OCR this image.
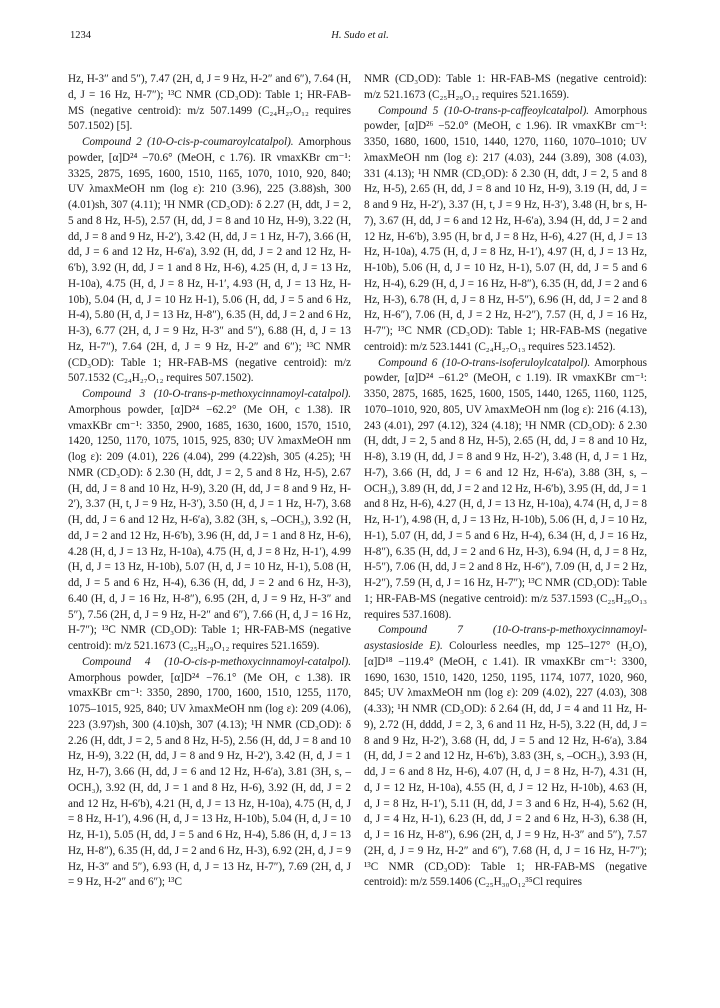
1234	H. Sudo et al.

Hz, H-3″ and 5″), 7.47 (2H, d, J = 9 Hz, H-2″ and 6″), 7.64 (H, d, J = 16 Hz, H-7″); ¹³C NMR (CD₃OD): Table 1; HR-FAB-MS (negative centroid): m/z 507.1499 (C₂₄H₂₇O₁₂ requires 507.1502) [5].

Compound 2 (10-O-cis-p-coumaroylcatalpol). Amorphous powder, [α]D²⁴ −70.6° (MeOH, c 1.76). IR νmaxKBr cm⁻¹: 3325, 2875, 1695, 1600, 1510, 1165, 1070, 1010, 920, 840; UV λmaxMeOH nm (log ε): 210 (3.96), 225 (3.88)sh, 300 (4.01)sh, 307 (4.11); ¹H NMR (CD₃OD): δ 2.27 (H, ddt, J = 2, 5 and 8 Hz, H-5), 2.57 (H, dd, J = 8 and 10 Hz, H-9), 3.22 (H, dd, J = 8 and 9 Hz, H-2′), 3.42 (H, dd, J = 1 Hz, H-7), 3.66 (H, dd, J = 6 and 12 Hz, H-6′a), 3.92 (H, dd, J = 2 and 12 Hz, H-6′b), 3.92 (H, dd, J = 1 and 8 Hz, H-6), 4.25 (H, d, J = 13 Hz, H-10a), 4.75 (H, d, J = 8 Hz, H-1′, 4.93 (H, d, J = 13 Hz, H-10b), 5.04 (H, d, J = 10 Hz H-1), 5.06 (H, dd, J = 5 and 6 Hz, H-4), 5.80 (H, d, J = 13 Hz, H-8″), 6.35 (H, dd, J = 2 and 6 Hz, H-3), 6.77 (2H, d, J = 9 Hz, H-3″ and 5″), 6.88 (H, d, J = 13 Hz, H-7″), 7.64 (2H, d, J = 9 Hz, H-2″ and 6″); ¹³C NMR (CD₃OD): Table 1; HR-FAB-MS (negative centroid): m/z 507.1532 (C₂₄H₂₇O₁₂ requires 507.1502).

Compound 3 (10-O-trans-p-methoxycinnamoyl-catalpol). Amorphous powder, [α]D²⁴ −62.2° (Me OH, c 1.38). IR νmaxKBr cm⁻¹: 3350, 2900, 1685, 1630, 1600, 1570, 1510, 1420, 1250, 1170, 1075, 1015, 925, 830; UV λmaxMeOH nm (log ε): 209 (4.01), 226 (4.04), 299 (4.22)sh, 305 (4.25); ¹H NMR (CD₃OD): δ 2.30 (H, ddt, J = 2, 5 and 8 Hz, H-5), 2.67 (H, dd, J = 8 and 10 Hz, H-9), 3.20 (H, dd, J = 8 and 9 Hz, H-2′), 3.37 (H, t, J = 9 Hz, H-3′), 3.50 (H, d, J = 1 Hz, H-7), 3.68 (H, dd, J = 6 and 12 Hz, H-6′a), 3.82 (3H, s, –OCH₃), 3.92 (H, dd, J = 2 and 12 Hz, H-6′b), 3.96 (H, dd, J = 1 and 8 Hz, H-6), 4.28 (H, d, J = 13 Hz, H-10a), 4.75 (H, d, J = 8 Hz, H-1′), 4.99 (H, d, J = 13 Hz, H-10b), 5.07 (H, d, J = 10 Hz, H-1), 5.08 (H, dd, J = 5 and 6 Hz, H-4), 6.36 (H, dd, J = 2 and 6 Hz, H-3), 6.40 (H, d, J = 16 Hz, H-8″), 6.95 (2H, d, J = 9 Hz, H-3″ and 5″), 7.56 (2H, d, J = 9 Hz, H-2″ and 6″), 7.66 (H, d, J = 16 Hz, H-7″); ¹³C NMR (CD₃OD): Table 1; HR-FAB-MS (negative centroid): m/z 521.1673 (C₂₅H₂₉O₁₂ requires 521.1659).

Compound 4 (10-O-cis-p-methoxycinnamoyl-catalpol). Amorphous powder, [α]D²⁴ −76.1° (Me OH, c 1.38). IR νmaxKBr cm⁻¹: 3350, 2890, 1700, 1600, 1510, 1255, 1170, 1075–1015, 925, 840; UV λmaxMeOH nm (log ε): 209 (4.06), 223 (3.97)sh, 300 (4.10)sh, 307 (4.13); ¹H NMR (CD₃OD): δ 2.26 (H, ddt, J = 2, 5 and 8 Hz, H-5), 2.56 (H, dd, J = 8 and 10 Hz, H-9), 3.22 (H, dd, J = 8 and 9 Hz, H-2′), 3.42 (H, d, J = 1 Hz, H-7), 3.66 (H, dd, J = 6 and 12 Hz, H-6′a), 3.81 (3H, s, –OCH₃), 3.92 (H, dd, J = 1 and 8 Hz, H-6), 3.92 (H, dd, J = 2 and 12 Hz, H-6′b), 4.21 (H, d, J = 13 Hz, H-10a), 4.75 (H, d, J = 8 Hz, H-1′), 4.96 (H, d, J = 13 Hz, H-10b), 5.04 (H, d, J = 10 Hz, H-1), 5.05 (H, dd, J = 5 and 6 Hz, H-4), 5.86 (H, d, J = 13 Hz, H-8″), 6.35 (H, dd, J = 2 and 6 Hz, H-3), 6.92 (2H, d, J = 9 Hz, H-3″ and 5″), 6.93 (H, d, J = 13 Hz, H-7″), 7.69 (2H, d, J = 9 Hz, H-2″ and 6″); ¹³C

NMR (CD₃OD): Table 1: HR-FAB-MS (negative centroid): m/z 521.1673 (C₂₅H₂₉O₁₂ requires 521.1659).

Compound 5 (10-O-trans-p-caffeoylcatalpol). Amorphous powder, [α]D²⁶ −52.0° (MeOH, c 1.96). IR νmaxKBr cm⁻¹: 3350, 1680, 1600, 1510, 1440, 1270, 1160, 1070–1010; UV λmaxMeOH nm (log ε): 217 (4.03), 244 (3.89), 308 (4.03), 331 (4.13); ¹H NMR (CD₃OD): δ 2.30 (H, ddt, J = 2, 5 and 8 Hz, H-5), 2.65 (H, dd, J = 8 and 10 Hz, H-9), 3.19 (H, dd, J = 8 and 9 Hz, H-2′), 3.37 (H, t, J = 9 Hz, H-3′), 3.48 (H, br s, H-7), 3.67 (H, dd, J = 6 and 12 Hz, H-6′a), 3.94 (H, dd, J = 2 and 12 Hz, H-6′b), 3.95 (H, br d, J = 8 Hz, H-6), 4.27 (H, d, J = 13 Hz, H-10a), 4.75 (H, d, J = 8 Hz, H-1′), 4.97 (H, d, J = 13 Hz, H-10b), 5.06 (H, d, J = 10 Hz, H-1), 5.07 (H, dd, J = 5 and 6 Hz, H-4), 6.29 (H, d, J = 16 Hz, H-8″), 6.35 (H, dd, J = 2 and 6 Hz, H-3), 6.78 (H, d, J = 8 Hz, H-5″), 6.96 (H, dd, J = 2 and 8 Hz, H-6″), 7.06 (H, d, J = 2 Hz, H-2″), 7.57 (H, d, J = 16 Hz, H-7″); ¹³C NMR (CD₃OD): Table 1; HR-FAB-MS (negative centroid): m/z 523.1441 (C₂₄H₂₇O₁₃ requires 523.1452).

Compound 6 (10-O-trans-isoferuloylcatalpol). Amorphous powder, [α]D²⁴ −61.2° (MeOH, c 1.19). IR νmaxKBr cm⁻¹: 3350, 2875, 1685, 1625, 1600, 1505, 1440, 1265, 1160, 1125, 1070–1010, 920, 805, UV λmaxMeOH nm (log ε): 216 (4.13), 243 (4.01), 297 (4.12), 324 (4.18); ¹H NMR (CD₃OD): δ 2.30 (H, ddt, J = 2, 5 and 8 Hz, H-5), 2.65 (H, dd, J = 8 and 10 Hz, H-8), 3.19 (H, dd, J = 8 and 9 Hz, H-2′), 3.48 (H, d, J = 1 Hz, H-7), 3.66 (H, dd, J = 6 and 12 Hz, H-6′a), 3.88 (3H, s, –OCH₃), 3.89 (H, dd, J = 2 and 12 Hz, H-6′b), 3.95 (H, dd, J = 1 and 8 Hz, H-6), 4.27 (H, d, J = 13 Hz, H-10a), 4.74 (H, d, J = 8 Hz, H-1′), 4.98 (H, d, J = 13 Hz, H-10b), 5.06 (H, d, J = 10 Hz, H-1), 5.07 (H, dd, J = 5 and 6 Hz, H-4), 6.34 (H, d, J = 16 Hz, H-8″), 6.35 (H, dd, J = 2 and 6 Hz, H-3), 6.94 (H, d, J = 8 Hz, H-5″), 7.06 (H, dd, J = 2 and 8 Hz, H-6″), 7.09 (H, d, J = 2 Hz, H-2″), 7.59 (H, d, J = 16 Hz, H-7″); ¹³C NMR (CD₃OD): Table 1; HR-FAB-MS (negative centroid): m/z 537.1593 (C₂₅H₂₉O₁₃ requires 537.1608).

Compound 7 (10-O-trans-p-methoxycinnamoyl-asystasioside E). Colourless needles, mp 125–127° (H₂O), [α]D¹⁸ −119.4° (MeOH, c 1.41). IR νmaxKBr cm⁻¹: 3300, 1690, 1630, 1510, 1420, 1250, 1195, 1174, 1077, 1020, 960, 845; UV λmaxMeOH nm (log ε): 209 (4.02), 227 (4.03), 308 (4.33); ¹H NMR (CD₃OD): δ 2.64 (H, dd, J = 4 and 11 Hz, H-9), 2.72 (H, dddd, J = 2, 3, 6 and 11 Hz, H-5), 3.22 (H, dd, J = 8 and 9 Hz, H-2′), 3.68 (H, dd, J = 5 and 12 Hz, H-6′a), 3.84 (H, dd, J = 2 and 12 Hz, H-6′b), 3.83 (3H, s, –OCH₃), 3.93 (H, dd, J = 6 and 8 Hz, H-6), 4.07 (H, d, J = 8 Hz, H-7), 4.31 (H, d, J = 12 Hz, H-10a), 4.55 (H, d, J = 12 Hz, H-10b), 4.63 (H, d, J = 8 Hz, H-1′), 5.11 (H, dd, J = 3 and 6 Hz, H-4), 5.62 (H, d, J = 4 Hz, H-1), 6.23 (H, dd, J = 2 and 6 Hz, H-3), 6.38 (H, d, J = 16 Hz, H-8″), 6.96 (2H, d, J = 9 Hz, H-3″ and 5″), 7.57 (2H, d, J = 9 Hz, H-2″ and 6″), 7.68 (H, d, J = 16 Hz, H-7″); ¹³C NMR (CD₃OD): Table 1; HR-FAB-MS (negative centroid): m/z 559.1406 (C₂₅H₃₀O₁₂³⁵Cl requires
